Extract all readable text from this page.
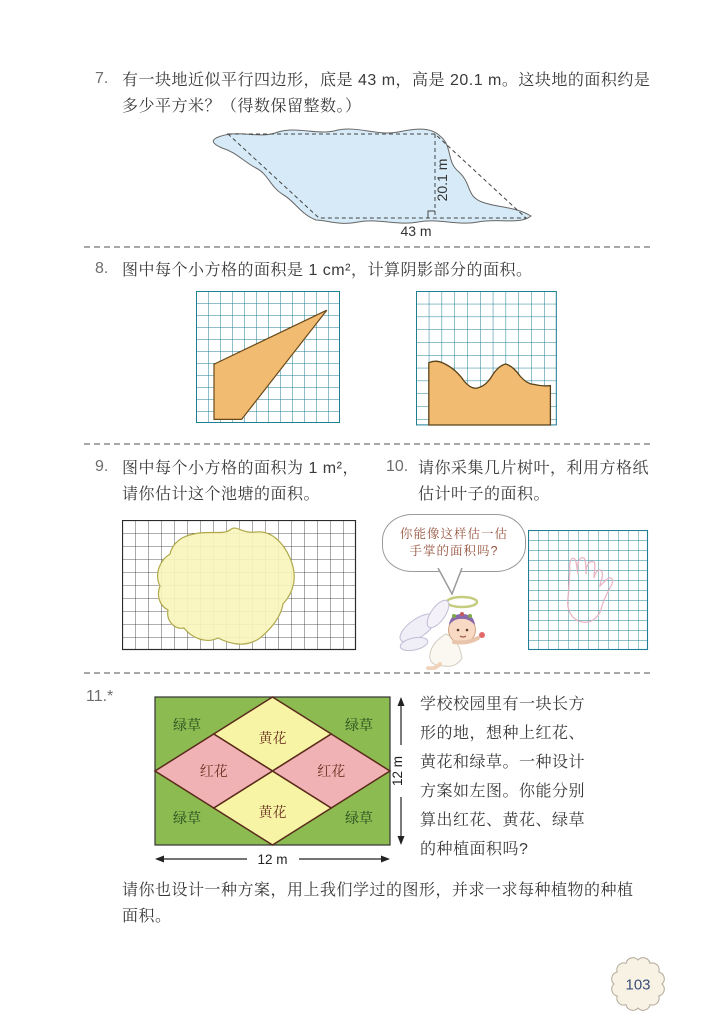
7. 有一块地近似平行四边形，底是 43 m，高是 20.1 m。这块地的面积约是
多少平方米？（得数保留整数。）
20.1 m
43 m
8. 图中每个小方格的面积是 1 cm²，计算阴影部分的面积。
9. 图中每个小方格的面积为 1 m²，
请你估计这个池塘的面积。
10. 请你采集几片树叶，利用方格纸
估计叶子的面积。
你能像这样估一估
手掌的面积吗?
11.*
绿草	绿草
绿草	绿草
黄花
黄花
红花	红花	12 m
12 m
学校校园里有一块长方
形的地，想种上红花、
黄花和绿草。一种设计
方案如左图。你能分别
算出红花、黄花、绿草
的种植面积吗?
请你也设计一种方案，用上我们学过的图形，并求一求每种植物的种植
面积。
103
